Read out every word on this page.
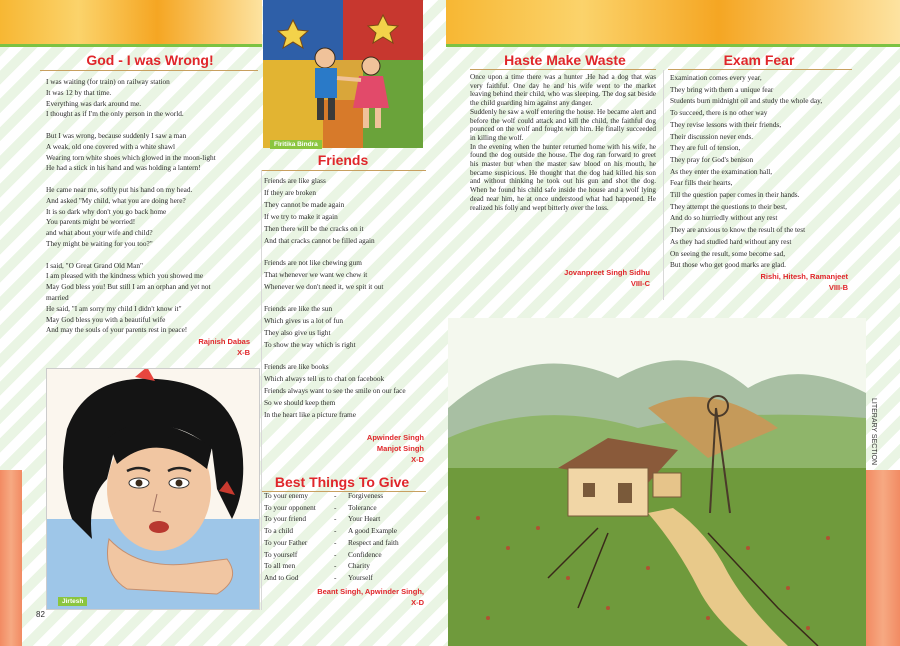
God - I was Wrong!
I was waiting (for train) on railway station
It was 12 by that time.
Everything was dark around me.
I thought as if I'm the only person in the world.
But I was wrong, because suddenly I saw a man
A weak, old one covered with a white shawl
Wearing torn white shoes which glowed in the moon-light
He had a stick in his hand and was holding a lantern!
He came near me, softly put his hand on my head.
And asked "My child, what you are doing here?
It is so dark why don't you go back home
You parents might be worried!
and what about your wife and child?
They might be waiting for you too?"
I said, "O Great Grand Old Man"
I am pleased with the kindness which you showed me
May God bless you! But still I am an orphan and yet not
married
He said, "I am sorry my child I didn't know it"
May God bless you with a beautiful wife
And may the souls of your parents rest in peace!
Rajnish Dabas
X-B
Jirtesh
82
Flritika Bindra
Friends
Friends are like glass
If they are broken
They cannot be made again
If we try to make it again
Then there will be the cracks on it
And that cracks cannot be filled again
Friends are not like chewing gum
That whenever we want we chew it
Whenever we don't need it, we spit it out
Friends are like the sun
Which gives us a lot of fun
They also give us light
To show the way which is right
Friends are like books
Which always tell us to chat on facebook
Friends always want to see the smile on our face
So we should keep them
In the heart like a picture frame
Apwinder Singh
Manjot Singh
X-D
Best Things To Give
To your enemy	-	Forgiveness
To your opponent	-	Tolerance
To your friend	-	Your Heart
To a child	-	A good Example
To your Father	-	Respect and faith
To yourself	-	Confidence
To all men	-	Charity
And to God	-	Yourself
Beant Singh, Apwinder Singh,
X-D
Haste Make Waste

Once upon a time there was a hunter .He had a dog that was very faithful. One day he and his wife went to the market leaving behind their child, who was sleeping. The dog sat beside the child guarding him against any danger.

Suddenly he saw a wolf entering the house. He became alert and before the wolf could attack and kill the child, the faithful dog pounced on the wolf and fought with him. He finally succeeded in killing the wolf.

In the evening when the hunter returned home with his wife, he found the dog outside the house. The dog ran forward to greet his master but when the master saw blood on his mouth, he became suspicious. He thought that the dog had killed his son and without thinking he took out his gun and shot the dog. When he found his child safe inside the house and a wolf lying dead near him, he at once understood what had happened. He realized his folly and wept bitterly over the loss.

Jovanpreet Singh Sidhu
VIII-C
Exam Fear
Examination comes every year,
They bring with them a unique fear
Students burn midnight oil and study the whole day,
To succeed, there is no other way
They revise lessons with their friends,
Their discussion never ends.
They are full of tension,
They pray for God's benison
As they enter the examination hall,
Fear fills their hearts,
Till the question paper comes in their hands.
They attempt the questions to their best,
And do so hurriedly without any rest
They are anxious to know the result of the test
As they had studied hard without any rest
On seeing the result, some become sad,
But those who get good marks are glad.
Rishi, Hitesh, Ramanjeet
VIII-B
LITERARY SECTION
